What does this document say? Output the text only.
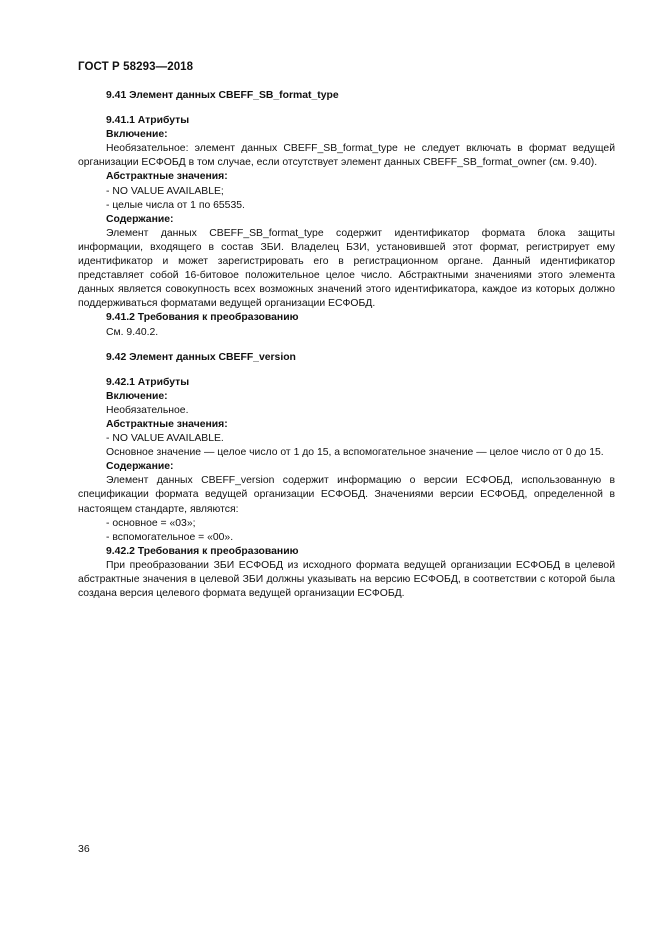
ГОСТ Р 58293—2018

9.41 Элемент данных CBEFF_SB_format_type

9.41.1 Атрибуты

Включение:

Необязательное: элемент данных CBEFF_SB_format_type не следует включать в формат ведущей организации ЕСФОБД в том случае, если отсутствует элемент данных CBEFF_SB_format_owner (см. 9.40).

Абстрактные значения:

- NO VALUE AVAILABLE;

- целые числа от 1 по 65535.

Содержание:

Элемент данных CBEFF_SB_format_type содержит идентификатор формата блока защиты информации, входящего в состав ЗБИ. Владелец БЗИ, установившей этот формат, регистрирует ему идентификатор и может зарегистрировать его в регистрационном органе. Данный идентификатор представляет собой 16-битовое положительное целое число. Абстрактными значениями этого элемента данных является совокупность всех возможных значений этого идентификатора, каждое из которых должно поддерживаться форматами ведущей организации ЕСФОБД.

9.41.2 Требования к преобразованию

См. 9.40.2.

9.42 Элемент данных CBEFF_version

9.42.1 Атрибуты

Включение:

Необязательное.

Абстрактные значения:

- NO VALUE AVAILABLE.

Основное значение — целое число от 1 до 15, а вспомогательное значение — целое число от 0 до 15.

Содержание:

Элемент данных CBEFF_version содержит информацию о версии ЕСФОБД, использованную в спецификации формата ведущей организации ЕСФОБД. Значениями версии ЕСФОБД, определенной в настоящем стандарте, являются:

- основное = «03»;

- вспомогательное = «00».

9.42.2 Требования к преобразованию

При преобразовании ЗБИ ЕСФОБД из исходного формата ведущей организации ЕСФОБД в целевой абстрактные значения в целевой ЗБИ должны указывать на версию ЕСФОБД, в соответствии с которой была создана версия целевого формата ведущей организации ЕСФОБД.

36
